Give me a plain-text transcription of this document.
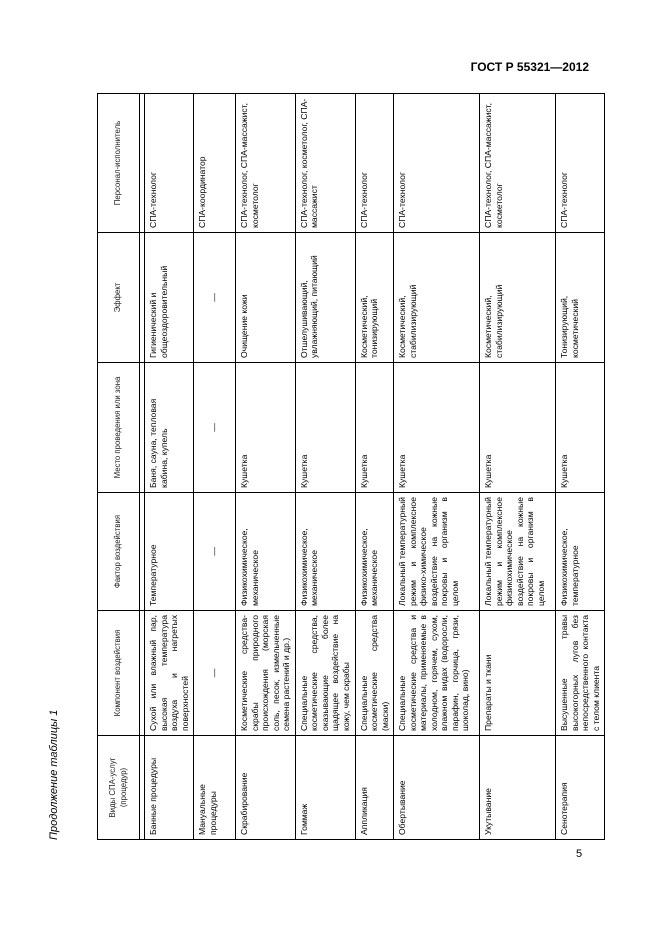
ГОСТ Р 55321—2012
Продолжение таблицы 1	Виды СПА-услуг (процедур)	Компонент воздействия	Фактор воздействия	Место проведения или зона	Эффект	Персонал-исполнитель

Банные процедуры	Сухой или влажный пар, высокая температура воздуха и нагретых поверхностей	Температурное	Баня, сауна, тепловая кабина, купель	Гигиенический и общеоздоровительный	СПА-технолог
Мануальные процедуры	—	—	—	—	СПА-координатор
Скрабирование	Косметические средства-скрабы природного происхождения (морская соль, песок, измельченные семена растений и др.)	Физикохимическое, механическое	Кушетка	Очищение кожи	СПА-технолог, СПА-массажист, косметолог
Гоммаж	Специальные косметические средства, оказывающие более щадящее воздействие на кожу, чем скрабы	Физикохимическое, механическое	Кушетка	Отшелушивающий, увлажняющий, питающий	СПА-технолог, косметолог, СПА-массажист
Аппликация	Специальные косметические средства (маски)	Физикохимическое, механическое	Кушетка	Косметический, тонизирующий	СПА-технолог
Обертывание	Специальные косметические средства и материалы, применяемые в холодном, горячем, сухом, влажном видах (водоросли, парафин, горчица, грязи, шоколад, вино)	Локальный температурный режим и комплексное физико-химическое воздействие на кожные покровы и организм в целом	Кушетка	Косметический, стабилизирующий	СПА-технолог
Укутывание	Препараты и ткани	Локальный температурный режим и комплексное физикохимическое воздействие на кожные покровы и организм в целом	Кушетка	Косметический, стабилизирующий	СПА-технолог, СПА-массажист, косметолог
Сенотерапия	Высушенные травы высокогорных лугов без непосредственного контакта с телом клиента	Физикохимическое, температурное	Кушетка	Тонизирующий, косметический	СПА-технолог
5
